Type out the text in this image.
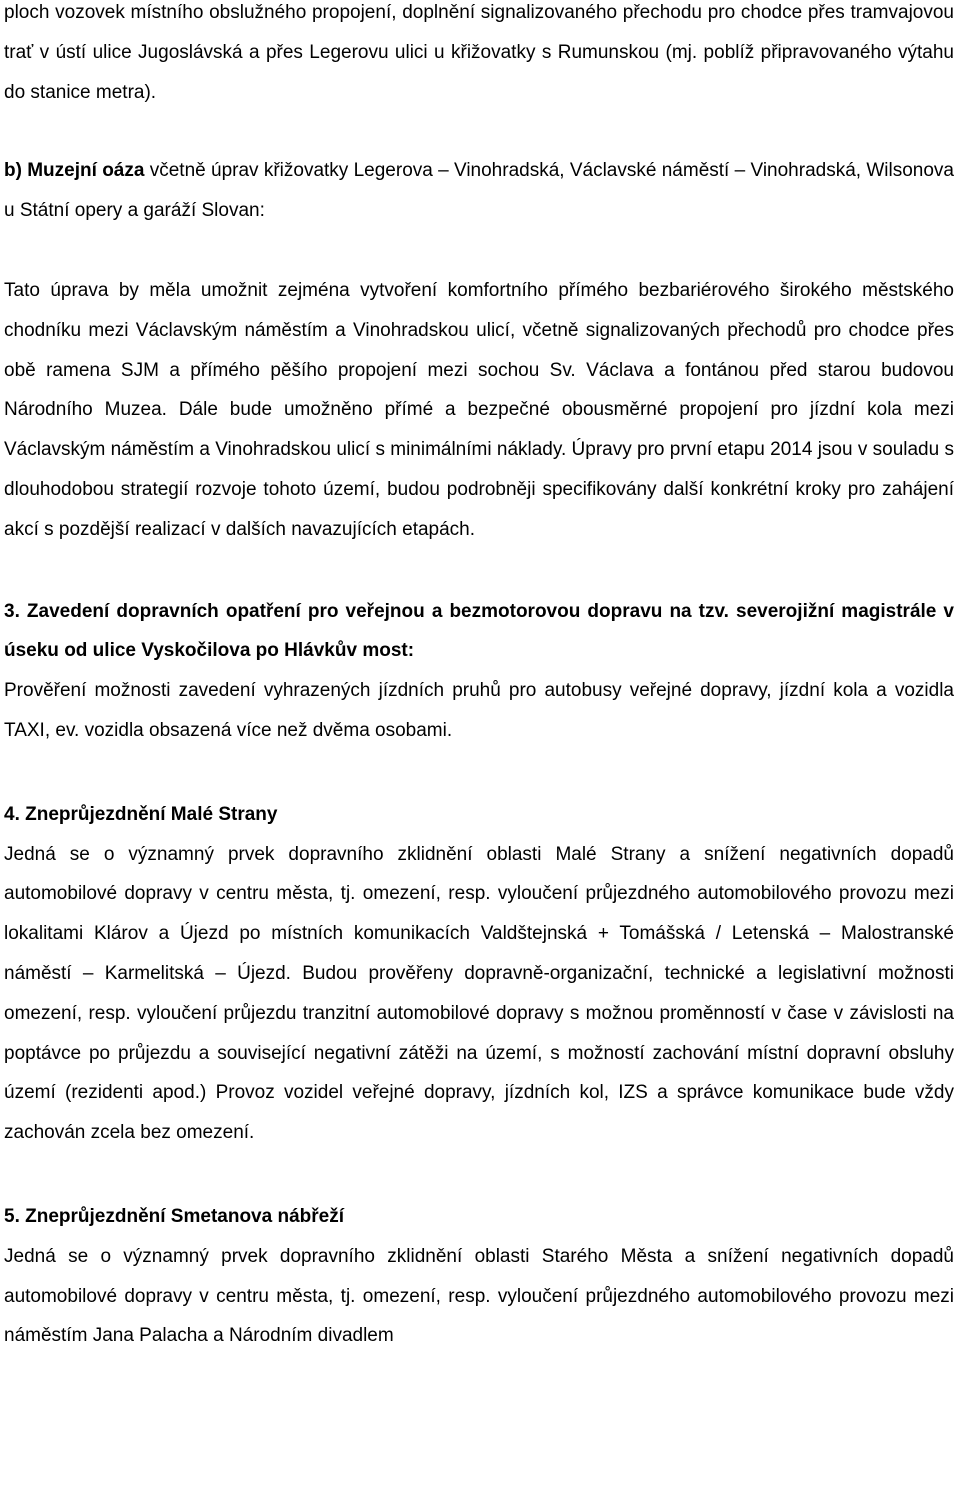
ploch vozovek místního obslužného propojení, doplnění signalizovaného přechodu pro chodce přes tramvajovou trať v ústí ulice Jugoslávská a přes Legerovu ulici u křižovatky s Rumunskou (mj. poblíž připravovaného výtahu do stanice metra).

b) Muzejní oáza včetně úprav křižovatky Legerova – Vinohradská, Václavské náměstí – Vinohradská, Wilsonova u Státní opery a garáží Slovan:

Tato úprava by měla umožnit zejména vytvoření komfortního přímého bezbariérového širokého městského chodníku mezi Václavským náměstím a Vinohradskou ulicí, včetně signalizovaných přechodů pro chodce přes obě ramena SJM a přímého pěšího propojení mezi sochou Sv. Václava a fontánou před starou budovou Národního Muzea. Dále bude umožněno přímé a bezpečné obousměrné propojení pro jízdní kola mezi Václavským náměstím a Vinohradskou ulicí s minimálními náklady. Úpravy pro první etapu 2014 jsou v souladu s dlouhodobou strategií rozvoje tohoto území, budou podrobněji specifikovány další konkrétní kroky pro zahájení akcí s pozdější realizací v dalších navazujících etapách.

3. Zavedení dopravních opatření pro veřejnou a bezmotorovou dopravu na tzv. severojižní magistrále v úseku od ulice Vyskočilova po Hlávkův most:

Prověření možnosti zavedení vyhrazených jízdních pruhů pro autobusy veřejné dopravy, jízdní kola a vozidla TAXI, ev. vozidla obsazená více než dvěma osobami.

4. Zneprůjezdnění Malé Strany

Jedná se o významný prvek dopravního zklidnění oblasti Malé Strany a snížení negativních dopadů automobilové dopravy v centru města, tj. omezení, resp. vyloučení průjezdného automobilového provozu mezi lokalitami Klárov a Újezd po místních komunikacích Valdštejnská + Tomášská / Letenská – Malostranské náměstí – Karmelitská – Újezd. Budou prověřeny dopravně-organizační, technické a legislativní možnosti omezení, resp. vyloučení průjezdu tranzitní automobilové dopravy s možnou proměnností v čase v závislosti na poptávce po průjezdu a související negativní zátěži na území, s možností zachování místní dopravní obsluhy území (rezidenti apod.) Provoz vozidel veřejné dopravy, jízdních kol, IZS a správce komunikace bude vždy zachován zcela bez omezení.

5. Zneprůjezdnění Smetanova nábřeží

Jedná se o významný prvek dopravního zklidnění oblasti Starého Města a snížení negativních dopadů automobilové dopravy v centru města, tj. omezení, resp. vyloučení průjezdného automobilového provozu mezi náměstím Jana Palacha a Národním divadlem
